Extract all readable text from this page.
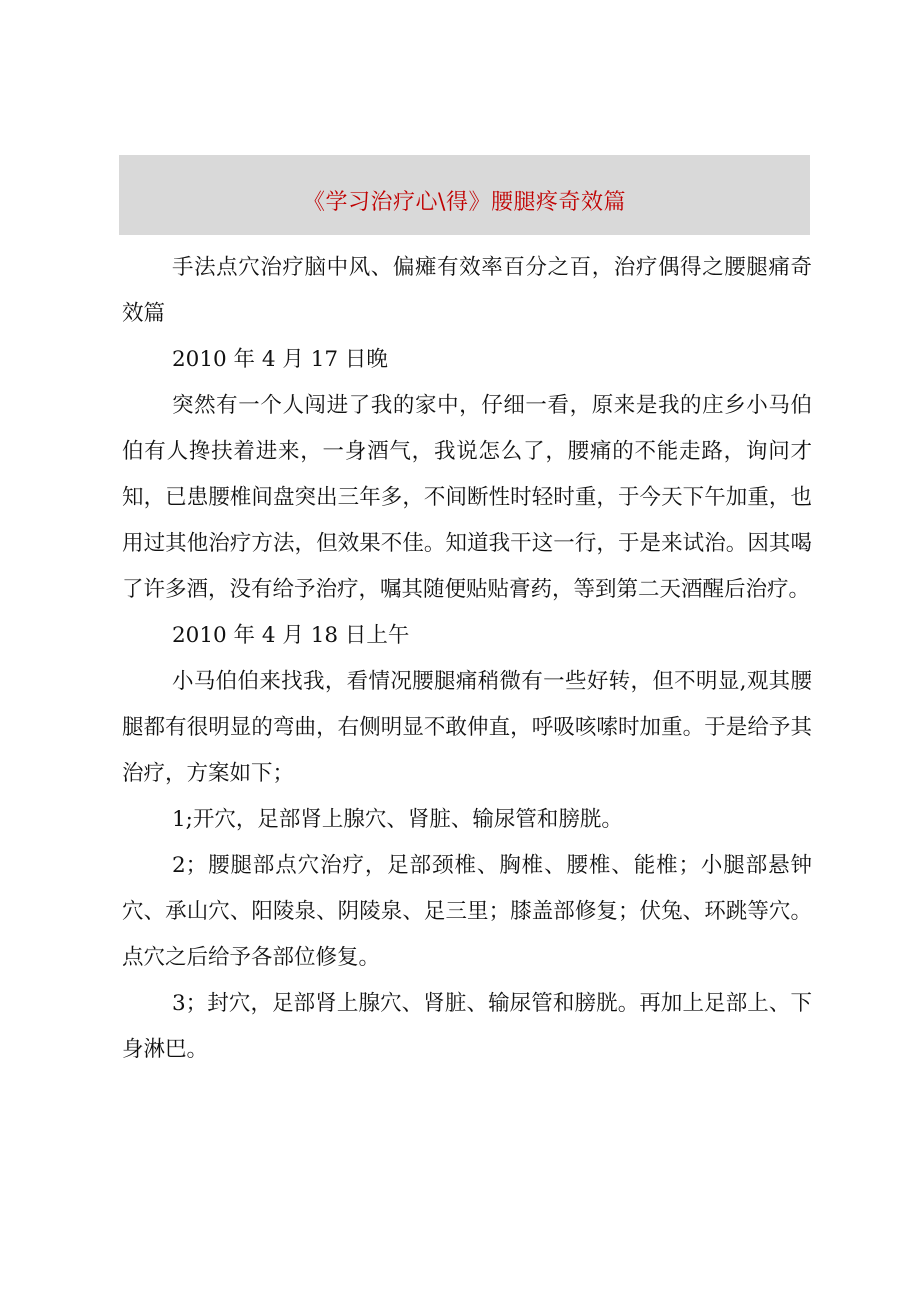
《学习治疗心\得》腰腿疼奇效篇

手法点穴治疗脑中风、偏瘫有效率百分之百，治疗偶得之腰腿痛奇效篇

2010 年 4 月 17 日晚

突然有一个人闯进了我的家中，仔细一看，原来是我的庄乡小马伯伯有人搀扶着进来，一身酒气，我说怎么了，腰痛的不能走路，询问才知，已患腰椎间盘突出三年多，不间断性时轻时重，于今天下午加重，也用过其他治疗方法，但效果不佳。知道我干这一行，于是来试治。因其喝了许多酒，没有给予治疗，嘱其随便贴贴膏药，等到第二天酒醒后治疗。

2010 年 4 月 18 日上午

小马伯伯来找我，看情况腰腿痛稍微有一些好转，但不明显,观其腰腿都有很明显的弯曲，右侧明显不敢伸直，呼吸咳嗦时加重。于是给予其治疗，方案如下；

1;开穴，足部肾上腺穴、肾脏、输尿管和膀胱。

2；腰腿部点穴治疗，足部颈椎、胸椎、腰椎、能椎；小腿部悬钟穴、承山穴、阳陵泉、阴陵泉、足三里；膝盖部修复；伏兔、环跳等穴。点穴之后给予各部位修复。

3；封穴，足部肾上腺穴、肾脏、输尿管和膀胱。再加上足部上、下身淋巴。
